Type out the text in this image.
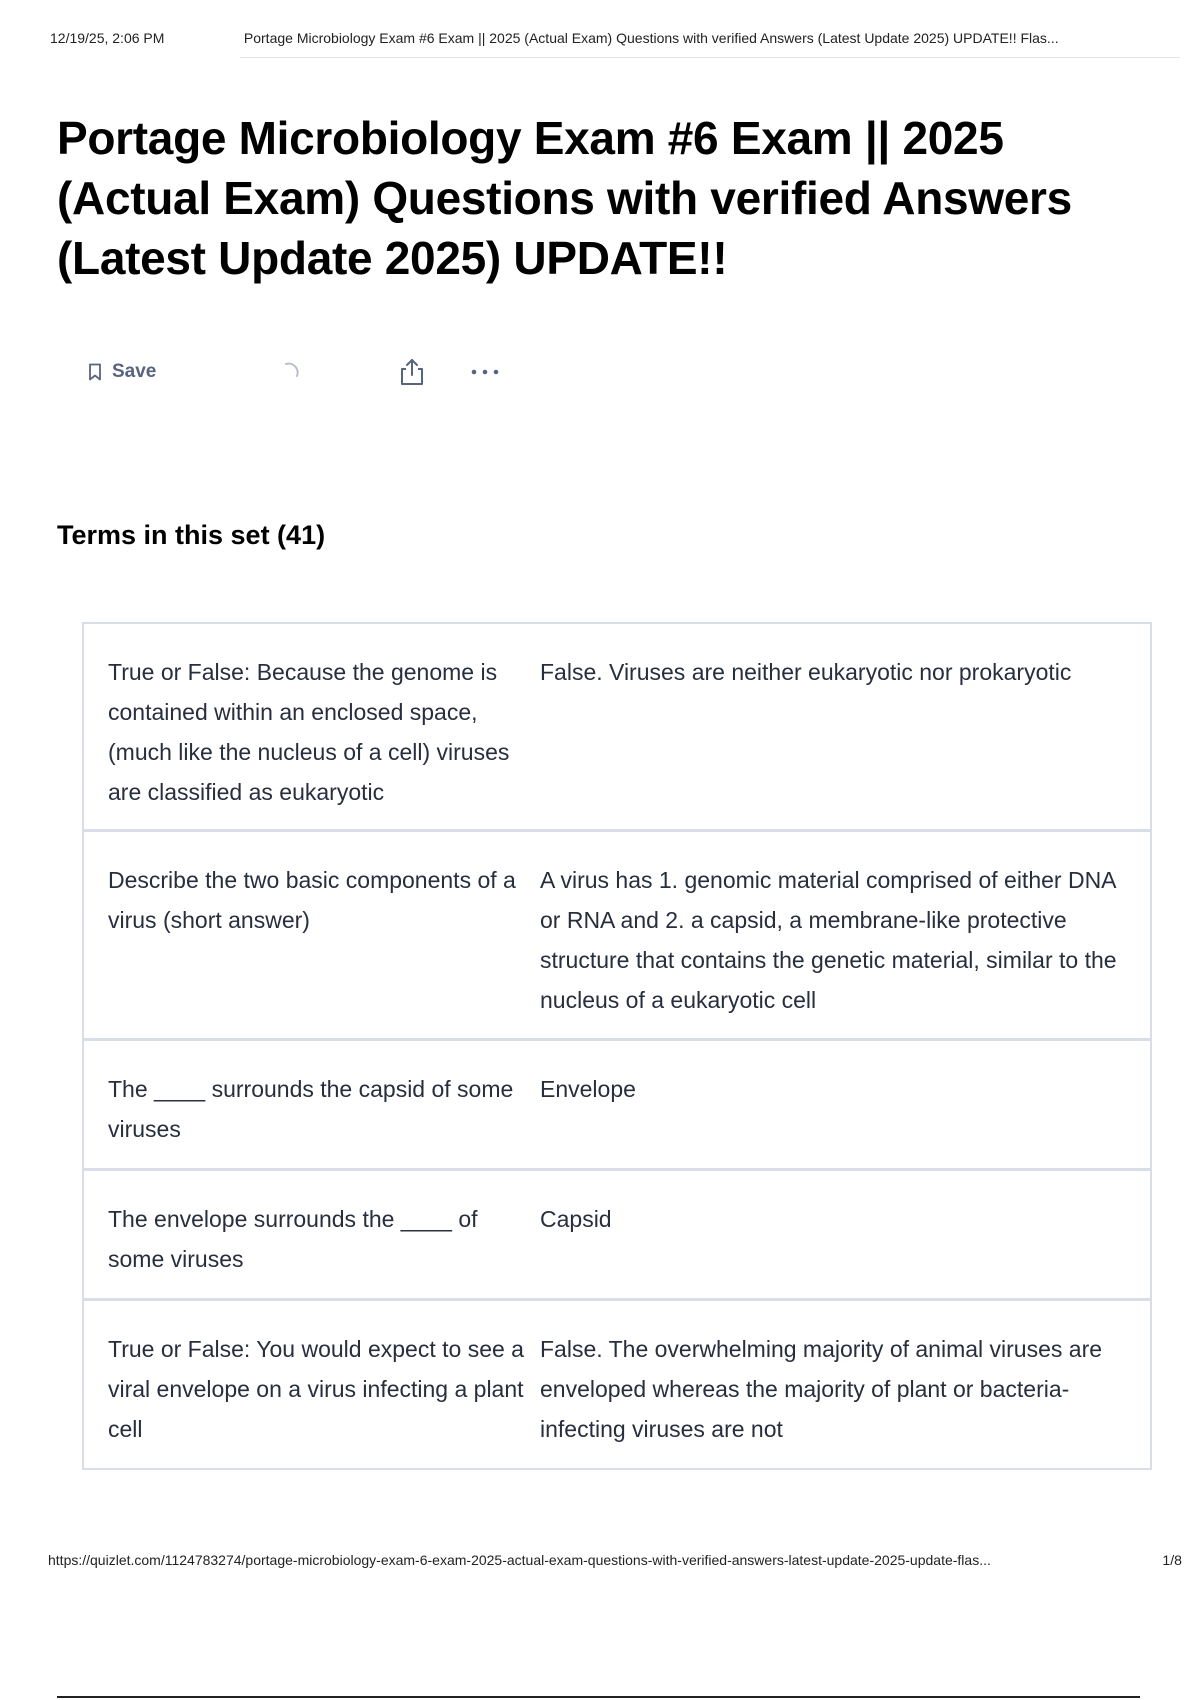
12/19/25, 2:06 PM	Portage Microbiology Exam #6 Exam || 2025 (Actual Exam) Questions with verified Answers (Latest Update 2025) UPDATE!! Flas...
Portage Microbiology Exam #6 Exam || 2025 (Actual Exam) Questions with verified Answers (Latest Update 2025) UPDATE!!
Save
Terms in this set (41)
True or False: Because the genome is contained within an enclosed space, (much like the nucleus of a cell) viruses are classified as eukaryotic
False. Viruses are neither eukaryotic nor prokaryotic
Describe the two basic components of a virus (short answer)
A virus has 1. genomic material comprised of either DNA or RNA and 2. a capsid, a membrane-like protective structure that contains the genetic material, similar to the nucleus of a eukaryotic cell
The ____ surrounds the capsid of some viruses
Envelope
The envelope surrounds the ____ of some viruses
Capsid
True or False: You would expect to see a viral envelope on a virus infecting a plant cell
False. The overwhelming majority of animal viruses are enveloped whereas the majority of plant or bacteria-infecting viruses are not
https://quizlet.com/1124783274/portage-microbiology-exam-6-exam-2025-actual-exam-questions-with-verified-answers-latest-update-2025-update-flas...	1/8
